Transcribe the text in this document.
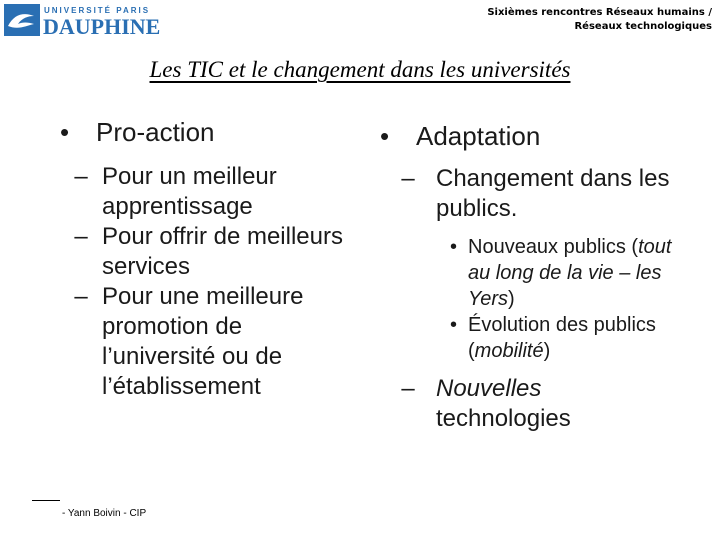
UNIVERSITÉ PARIS
DAUPHINE
Sixièmes rencontres Réseaux humains /
Réseaux technologiques
Les TIC et le changement dans les universités
•	Pro-action
– Pour un meilleur apprentissage
– Pour offrir de meilleurs services
– Pour une meilleure promotion de l’université ou de l’établissement
•	Adaptation
– Changement dans les publics.
• Nouveaux publics (tout au long de la vie – les Yers)
• Évolution des publics (mobilité)
– Nouvelles technologies
- Yann Boivin - CIP
